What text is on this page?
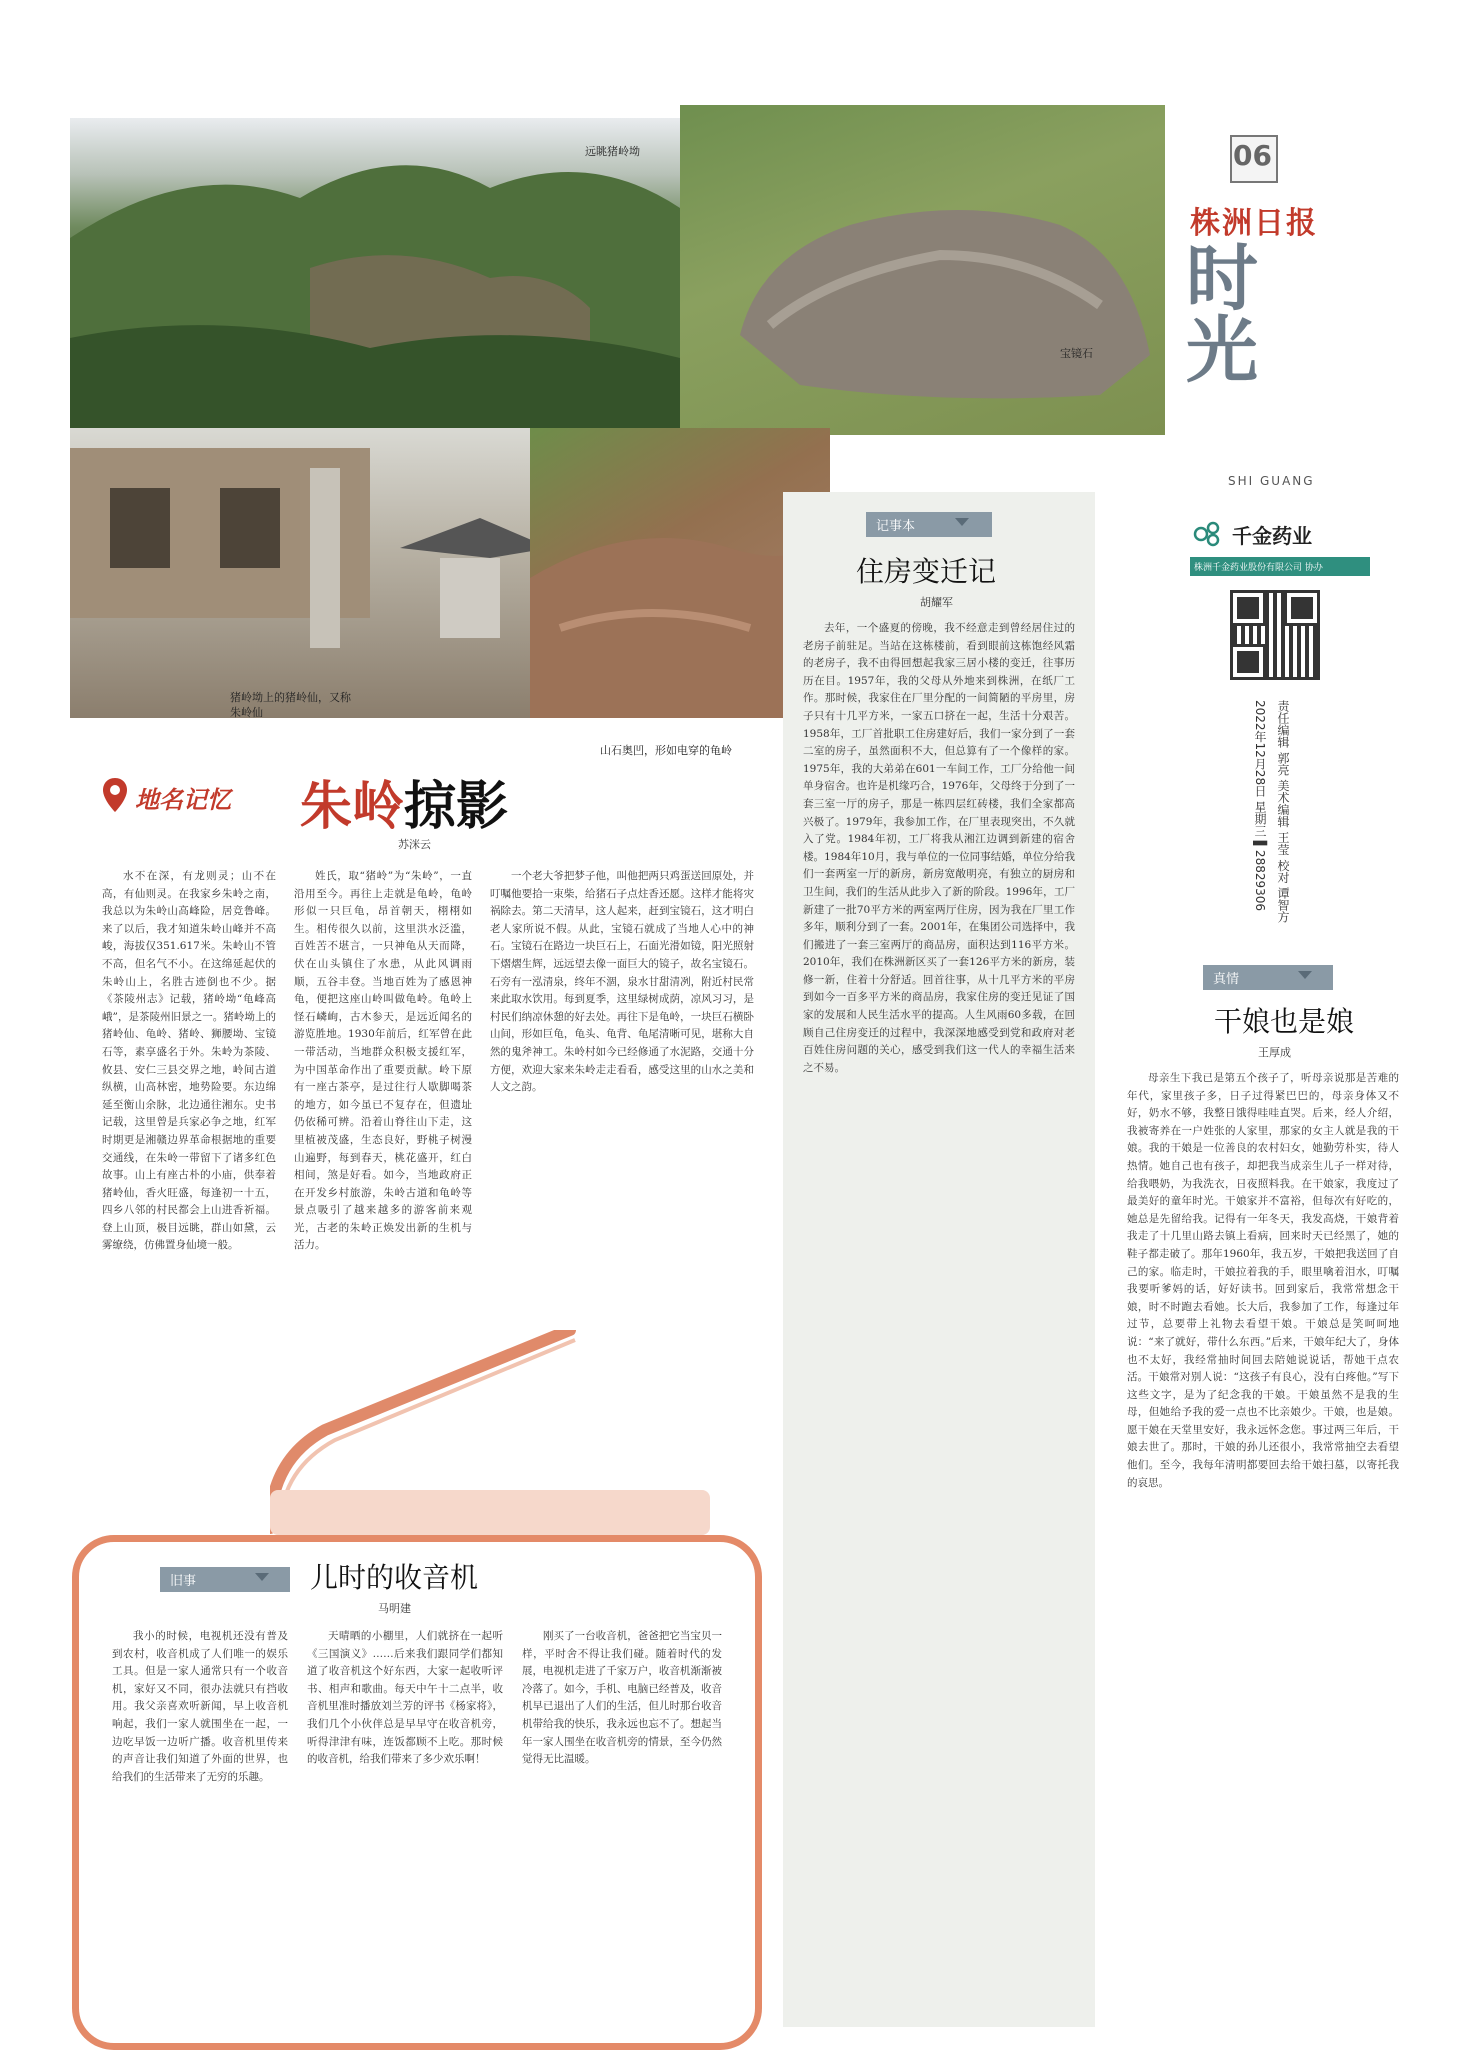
远眺猪岭坳
宝镜石
猪岭坳上的猪岭仙，又称朱岭仙
山石奥凹，形如电穿的龟岭
06
株洲日报
时光
SHI GUANG
千金药业
株洲千金药业股份有限公司 协办
责任编辑 郭亮 美术编辑 王莹 校对 谭智方
2022年12月28日 星期三 ▌28829306
地名记忆 朱岭掠影
苏洣云

水不在深，有龙则灵；山不在高，有仙则灵。在我家乡朱岭之南，我总以为朱岭山高峰险，居竞鲁峰。来了以后，我才知道朱岭山峰并不高峻，海拔仅351.617米。朱岭山不管不高，但名气不小。在这绵延起伏的朱岭山上，名胜古迹倒也不少。据《茶陵州志》记载，猪岭坳“龟峰高峨”，是茶陵州旧景之一。猪岭坳上的猪岭仙、龟岭、猪岭、狮腰坳、宝镜石等，素享盛名于外。朱岭为茶陵、攸县、安仁三县交界之地，岭间古道纵横，山高林密，地势险要。东边绵延至衡山余脉，北边通往湘东。史书记载，这里曾是兵家必争之地，红军时期更是湘赣边界革命根据地的重要交通线，在朱岭一带留下了诸多红色故事。山上有座古朴的小庙，供奉着猪岭仙，香火旺盛，每逢初一十五，四乡八邻的村民都会上山进香祈福。登上山顶，极目远眺，群山如黛，云雾缭绕，仿佛置身仙境一般。

姓氏，取“猪岭”为“朱岭”，一直沿用至今。再往上走就是龟岭，龟岭形似一只巨龟，昂首朝天，栩栩如生。相传很久以前，这里洪水泛滥，百姓苦不堪言，一只神龟从天而降，伏在山头镇住了水患，从此风调雨顺，五谷丰登。当地百姓为了感恩神龟，便把这座山岭叫做龟岭。龟岭上怪石嶙峋，古木参天，是远近闻名的游览胜地。1930年前后，红军曾在此一带活动，当地群众积极支援红军，为中国革命作出了重要贡献。岭下原有一座古茶亭，是过往行人歇脚喝茶的地方，如今虽已不复存在，但遗址仍依稀可辨。沿着山脊往山下走，这里植被茂盛，生态良好，野桃子树漫山遍野，每到春天，桃花盛开，红白相间，煞是好看。如今，当地政府正在开发乡村旅游，朱岭古道和龟岭等景点吸引了越来越多的游客前来观光，古老的朱岭正焕发出新的生机与活力。

一个老大爷把梦子他，叫他把两只鸡蛋送回原处，并叮嘱他要拾一束柴，给猪石子点炷香还愿。这样才能将灾祸除去。第二天清早，这人起来，赶到宝镜石，这才明白老人家所说不假。从此，宝镜石就成了当地人心中的神石。宝镜石在路边一块巨石上，石面光滑如镜，阳光照射下熠熠生辉，远远望去像一面巨大的镜子，故名宝镜石。石旁有一泓清泉，终年不涸，泉水甘甜清冽，附近村民常来此取水饮用。每到夏季，这里绿树成荫，凉风习习，是村民们纳凉休憩的好去处。再往下是龟岭，一块巨石横卧山间，形如巨龟，龟头、龟背、龟尾清晰可见，堪称大自然的鬼斧神工。朱岭村如今已经修通了水泥路，交通十分方便，欢迎大家来朱岭走走看看，感受这里的山水之美和人文之韵。

记事本
住房变迁记
胡耀军

去年，一个盛夏的傍晚，我不经意走到曾经居住过的老房子前驻足。当站在这栋楼前，看到眼前这栋饱经风霜的老房子，我不由得回想起我家三居小楼的变迁，往事历历在目。1957年，我的父母从外地来到株洲，在纸厂工作。那时候，我家住在厂里分配的一间简陋的平房里，房子只有十几平方米，一家五口挤在一起，生活十分艰苦。1958年，工厂首批职工住房建好后，我们一家分到了一套二室的房子，虽然面积不大，但总算有了一个像样的家。1975年，我的大弟弟在601一车间工作，工厂分给他一间单身宿舍。也许是机缘巧合，1976年，父母终于分到了一套三室一厅的房子，那是一栋四层红砖楼，我们全家都高兴极了。1979年，我参加工作，在厂里表现突出，不久就入了党。1984年初，工厂将我从湘江边调到新建的宿舍楼。1984年10月，我与单位的一位同事结婚，单位分给我们一套两室一厅的新房，新房宽敞明亮，有独立的厨房和卫生间，我们的生活从此步入了新的阶段。1996年，工厂新建了一批70平方米的两室两厅住房，因为我在厂里工作多年，顺利分到了一套。2001年，在集团公司选择中，我们搬进了一套三室两厅的商品房，面积达到116平方米。2010年，我们在株洲新区买了一套126平方米的新房，装修一新，住着十分舒适。回首往事，从十几平方米的平房到如今一百多平方米的商品房，我家住房的变迁见证了国家的发展和人民生活水平的提高。人生风雨60多载，在回顾自己住房变迁的过程中，我深深地感受到党和政府对老百姓住房问题的关心，感受到我们这一代人的幸福生活来之不易。

真情
干娘也是娘
王厚成

母亲生下我已是第五个孩子了，听母亲说那是苦难的年代，家里孩子多，日子过得紧巴巴的，母亲身体又不好，奶水不够，我整日饿得哇哇直哭。后来，经人介绍，我被寄养在一户姓张的人家里，那家的女主人就是我的干娘。我的干娘是一位善良的农村妇女，她勤劳朴实，待人热情。她自己也有孩子，却把我当成亲生儿子一样对待，给我喂奶，为我洗衣，日夜照料我。在干娘家，我度过了最美好的童年时光。干娘家并不富裕，但每次有好吃的，她总是先留给我。记得有一年冬天，我发高烧，干娘背着我走了十几里山路去镇上看病，回来时天已经黑了，她的鞋子都走破了。那年1960年，我五岁，干娘把我送回了自己的家。临走时，干娘拉着我的手，眼里噙着泪水，叮嘱我要听爹妈的话，好好读书。回到家后，我常常想念干娘，时不时跑去看她。长大后，我参加了工作，每逢过年过节，总要带上礼物去看望干娘。干娘总是笑呵呵地说：“来了就好，带什么东西。”后来，干娘年纪大了，身体也不太好，我经常抽时间回去陪她说说话，帮她干点农活。干娘常对别人说：“这孩子有良心，没有白疼他。”写下这些文字，是为了纪念我的干娘。干娘虽然不是我的生母，但她给予我的爱一点也不比亲娘少。干娘，也是娘。愿干娘在天堂里安好，我永远怀念您。事过两三年后，干娘去世了。那时，干娘的孙儿还很小，我常常抽空去看望他们。至今，我每年清明都要回去给干娘扫墓，以寄托我的哀思。

旧事	儿时的收音机
马明建

我小的时候，电视机还没有普及到农村，收音机成了人们唯一的娱乐工具。但是一家人通常只有一个收音机，家好又不同，很办法就只有挡收用。我父亲喜欢听新闻，早上收音机响起，我们一家人就围坐在一起，一边吃早饭一边听广播。收音机里传来的声音让我们知道了外面的世界，也给我们的生活带来了无穷的乐趣。

天晴晒的小棚里，人们就挤在一起听《三国演义》……后来我们跟同学们都知道了收音机这个好东西，大家一起收听评书、相声和歌曲。每天中午十二点半，收音机里准时播放刘兰芳的评书《杨家将》，我们几个小伙伴总是早早守在收音机旁，听得津津有味，连饭都顾不上吃。那时候的收音机，给我们带来了多少欢乐啊！

刚买了一台收音机，爸爸把它当宝贝一样，平时舍不得让我们碰。随着时代的发展，电视机走进了千家万户，收音机渐渐被冷落了。如今，手机、电脑已经普及，收音机早已退出了人们的生活，但儿时那台收音机带给我的快乐，我永远也忘不了。想起当年一家人围坐在收音机旁的情景，至今仍然觉得无比温暖。
